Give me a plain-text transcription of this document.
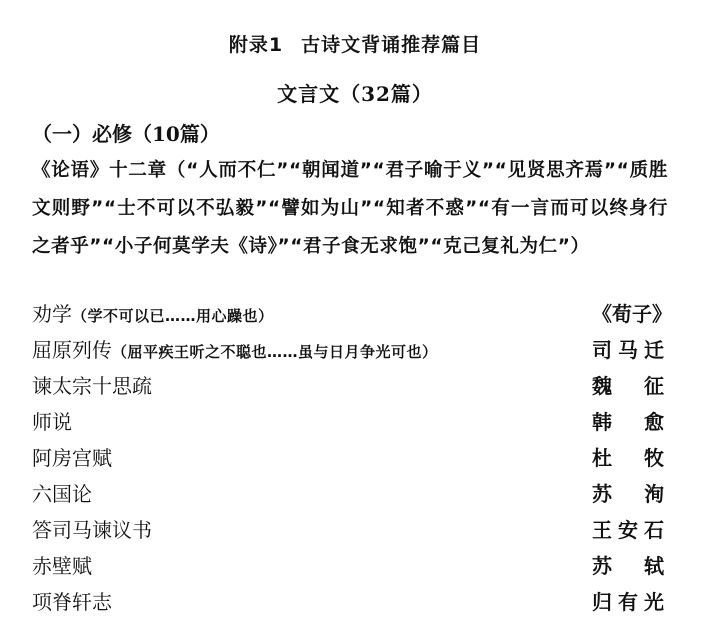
附录1 古诗文背诵推荐篇目
文言文（32篇）
（一）必修（10篇）
《论语》十二章（“人而不仁”“朝闻道”“君子喻于义”“见贤思齐焉”“质胜文则野”“士不可以不弘毅”“譬如为山”“知者不惑”“有一言而可以终身行之者乎”“小子何莫学夫《诗》”“君子食无求饱”“克己复礼为仁”）
劝学（学不可以已……用心躁也）	《荀子》
屈原列传（屈平疾王听之不聪也……虽与日月争光可也）	司马迁
谏太宗十思疏	魏 征
师说	韩 愈
阿房宫赋	杜 牧
六国论	苏 洵
答司马谏议书	王安石
赤壁赋	苏 轼
项脊轩志	归有光
